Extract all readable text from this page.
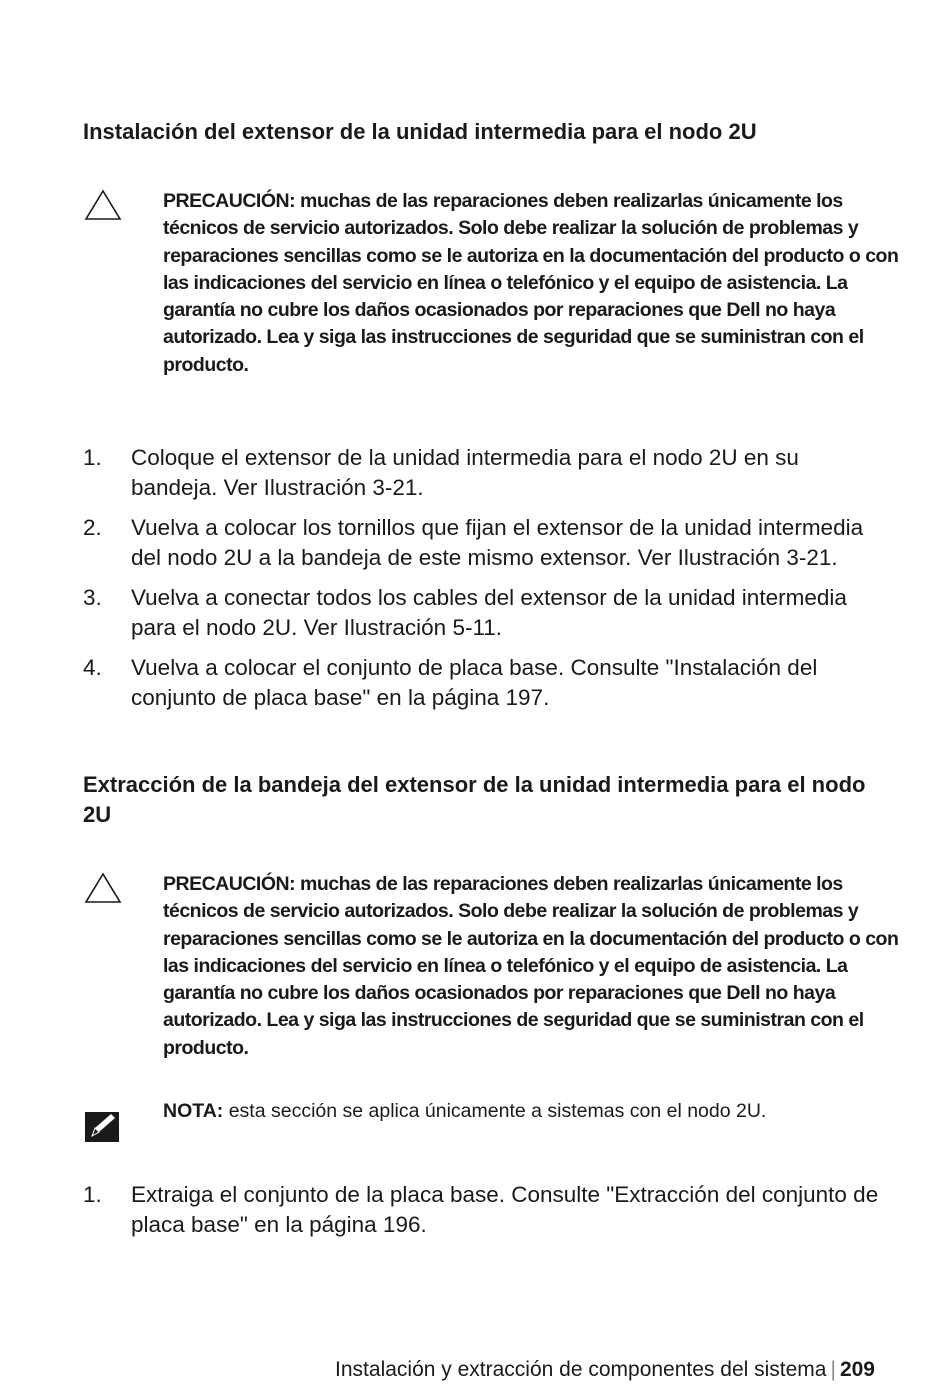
Instalación del extensor de la unidad intermedia para el nodo 2U
PRECAUCIÓN: muchas de las reparaciones deben realizarlas únicamente los técnicos de servicio autorizados. Solo debe realizar la solución de problemas y reparaciones sencillas como se le autoriza en la documentación del producto o con las indicaciones del servicio en línea o telefónico y el equipo de asistencia. La garantía no cubre los daños ocasionados por reparaciones que Dell no haya autorizado. Lea y siga las instrucciones de seguridad que se suministran con el producto.
1. Coloque el extensor de la unidad intermedia para el nodo 2U en su bandeja. Ver Ilustración 3-21.
2. Vuelva a colocar los tornillos que fijan el extensor de la unidad intermedia del nodo 2U a la bandeja de este mismo extensor. Ver Ilustración 3-21.
3. Vuelva a conectar todos los cables del extensor de la unidad intermedia para el nodo 2U. Ver Ilustración 5-11.
4. Vuelva a colocar el conjunto de placa base. Consulte "Instalación del conjunto de placa base" en la página 197.
Extracción de la bandeja del extensor de la unidad intermedia para el nodo 2U
PRECAUCIÓN: muchas de las reparaciones deben realizarlas únicamente los técnicos de servicio autorizados. Solo debe realizar la solución de problemas y reparaciones sencillas como se le autoriza en la documentación del producto o con las indicaciones del servicio en línea o telefónico y el equipo de asistencia. La garantía no cubre los daños ocasionados por reparaciones que Dell no haya autorizado. Lea y siga las instrucciones de seguridad que se suministran con el producto.
NOTA: esta sección se aplica únicamente a sistemas con el nodo 2U.
1. Extraiga el conjunto de la placa base. Consulte "Extracción del conjunto de placa base" en la página 196.
Instalación y extracción de componentes del sistema | 209
